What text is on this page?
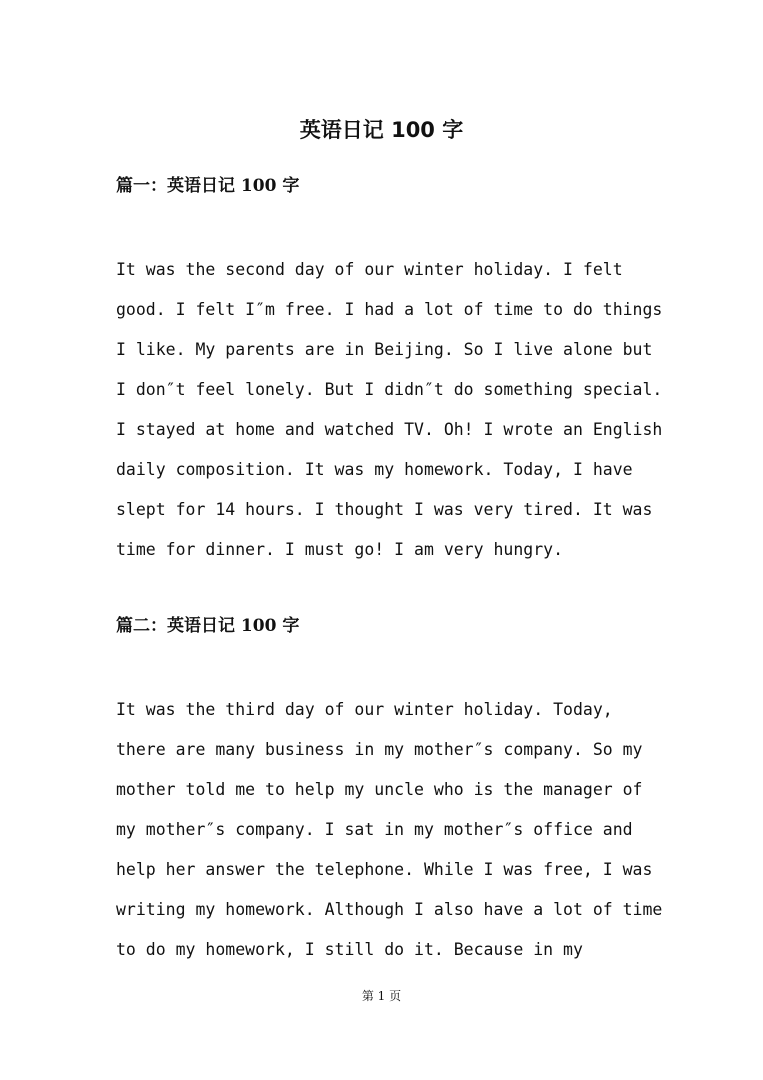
英语日记 100 字
篇一：英语日记 100 字
It was the second day of our winter holiday. I felt
good. I felt I″m free. I had a lot of time to do things
I like. My parents are in Beijing. So I live alone but
I don″t feel lonely. But I didn″t do something special.
I stayed at home and watched TV. Oh! I wrote an English
daily composition. It was my homework. Today, I have
slept for 14 hours. I thought I was very tired. It was
time for dinner. I must go! I am very hungry.
篇二：英语日记 100 字
It was the third day of our winter holiday. Today,
there are many business in my mother″s company. So my
mother told me to help my uncle who is the manager of
my mother″s company. I sat in my mother″s office and
help her answer the telephone. While I was free, I was
writing my homework. Although I also have a lot of time
to do my homework, I still do it. Because in my
第 1 页
